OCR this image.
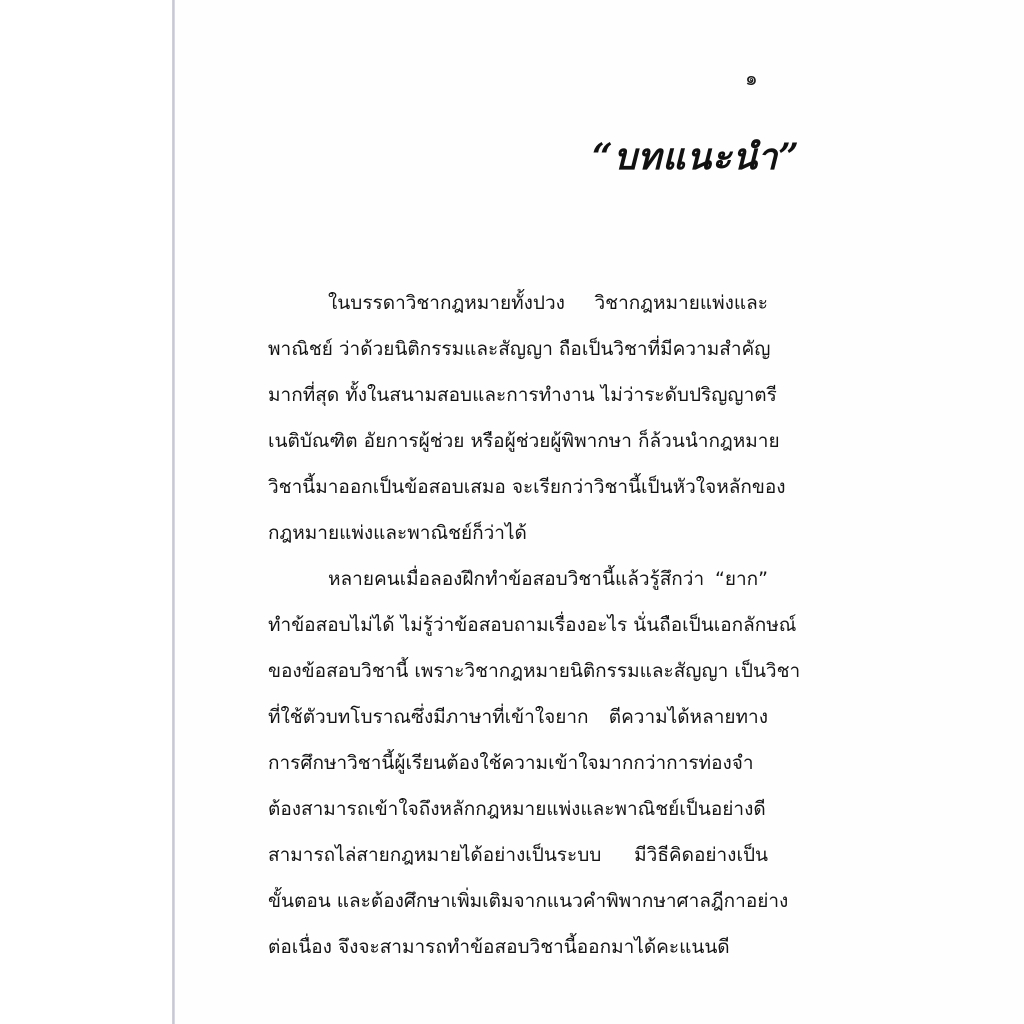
๑
“บทแนะนำ”
ในบรรดาวิชากฎหมายทั้งปวง วิชากฎหมายแพ่งและ
พาณิชย์ ว่าด้วยนิติกรรมและสัญญา ถือเป็นวิชาที่มีความสำคัญ
มากที่สุด ทั้งในสนามสอบและการทำงาน ไม่ว่าระดับปริญญาตรี
เนติบัณฑิต อัยการผู้ช่วย หรือผู้ช่วยผู้พิพากษา ก็ล้วนนำกฎหมาย
วิชานี้มาออกเป็นข้อสอบเสมอ จะเรียกว่าวิชานี้เป็นหัวใจหลักของ
กฎหมายแพ่งและพาณิชย์ก็ว่าได้
หลายคนเมื่อลองฝึกทำข้อสอบวิชานี้แล้วรู้สึกว่า “ยาก”
ทำข้อสอบไม่ได้ ไม่รู้ว่าข้อสอบถามเรื่องอะไร นั่นถือเป็นเอกลักษณ์
ของข้อสอบวิชานี้ เพราะวิชากฎหมายนิติกรรมและสัญญา เป็นวิชา
ที่ใช้ตัวบทโบราณซึ่งมีภาษาที่เข้าใจยาก ตีความได้หลายทาง
การศึกษาวิชานี้ผู้เรียนต้องใช้ความเข้าใจมากกว่าการท่องจำ
ต้องสามารถเข้าใจถึงหลักกฎหมายแพ่งและพาณิชย์เป็นอย่างดี
สามารถไล่สายกฎหมายได้อย่างเป็นระบบ มีวิธีคิดอย่างเป็น
ขั้นตอน และต้องศึกษาเพิ่มเติมจากแนวคำพิพากษาศาลฎีกาอย่าง
ต่อเนื่อง จึงจะสามารถทำข้อสอบวิชานี้ออกมาได้คะแนนดี
